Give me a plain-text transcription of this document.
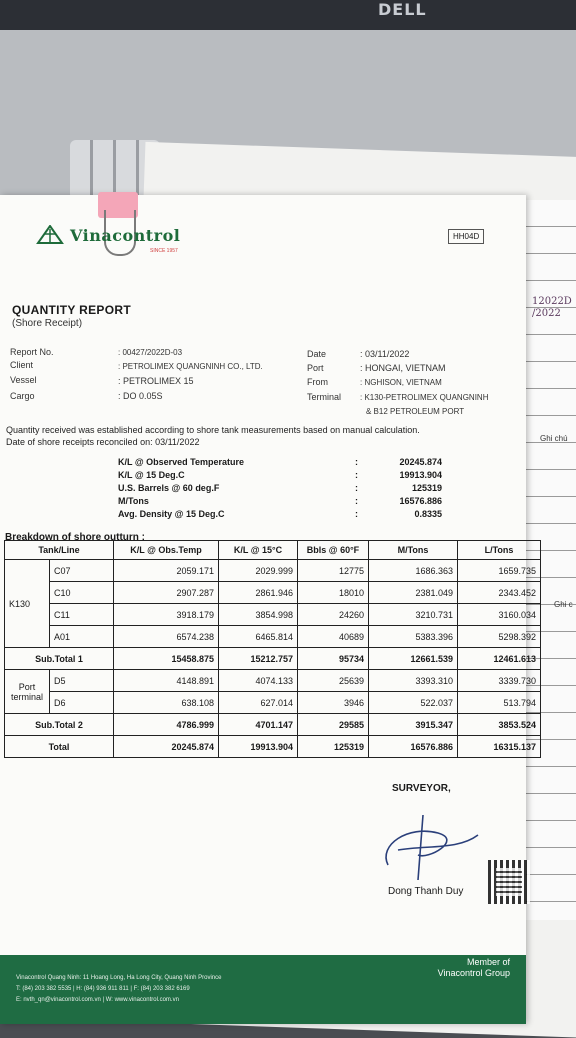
DELL
Ghi chú
Ghi c
12022D
/2022
Vinacontrol
SINCE 1957
HH04D
QUANTITY REPORT
(Shore Receipt)
Report No.	: 00427/2022D-03
Client	: PETROLIMEX QUANGNINH CO., LTD.
Vessel	: PETROLIMEX 15
Cargo	: DO 0.05S
Date	: 03/11/2022
Port	: HONGAI, VIETNAM
From	: NGHISON, VIETNAM
Terminal : K130-PETROLIMEX QUANGNINH
& B12 PETROLEUM PORT
Quantity received was established according to shore tank measurements based on manual calculation.
Date of shore receipts reconciled on: 03/11/2022
K/L @ Observed Temperature	:	20245.874
K/L @ 15 Deg.C	:	19913.904
U.S. Barrels @ 60 deg.F	:	125319
M/Tons	:	16576.886
Avg. Density @ 15 Deg.C	:	0.8335
Breakdown of shore outturn :
Tank/Line		K/L @ Obs.Temp	K/L @ 15°C	Bbls @ 60°F	M/Tons	L/Tons
K130	C07	2059.171	2029.999	12775	1686.363	1659.735
	C10	2907.287	2861.946	18010	2381.049	2343.452
	C11	3918.179	3854.998	24260	3210.731	3160.034
	A01	6574.238	6465.814	40689	5383.396	5298.392
Sub.Total 1		15458.875	15212.757	95734	12661.539	12461.613
Port terminal	D5	4148.891	4074.133	25639	3393.310	3339.730
	D6	638.108	627.014	3946	522.037	513.794
Sub.Total 2		4786.999	4701.147	29585	3915.347	3853.524
Total		20245.874	19913.904	125319	16576.886	16315.137
SURVEYOR,
Dong Thanh Duy
Vinacontrol Quang Ninh: 11 Hoang Long, Ha Long City, Quang Ninh Province
T: (84) 203 382 5535 | H: (84) 936 911 811 | F: (84) 203 382 6169
E: nvth_qn@vinacontrol.com.vn | W: www.vinacontrol.com.vn
Member of
Vinacontrol Group
